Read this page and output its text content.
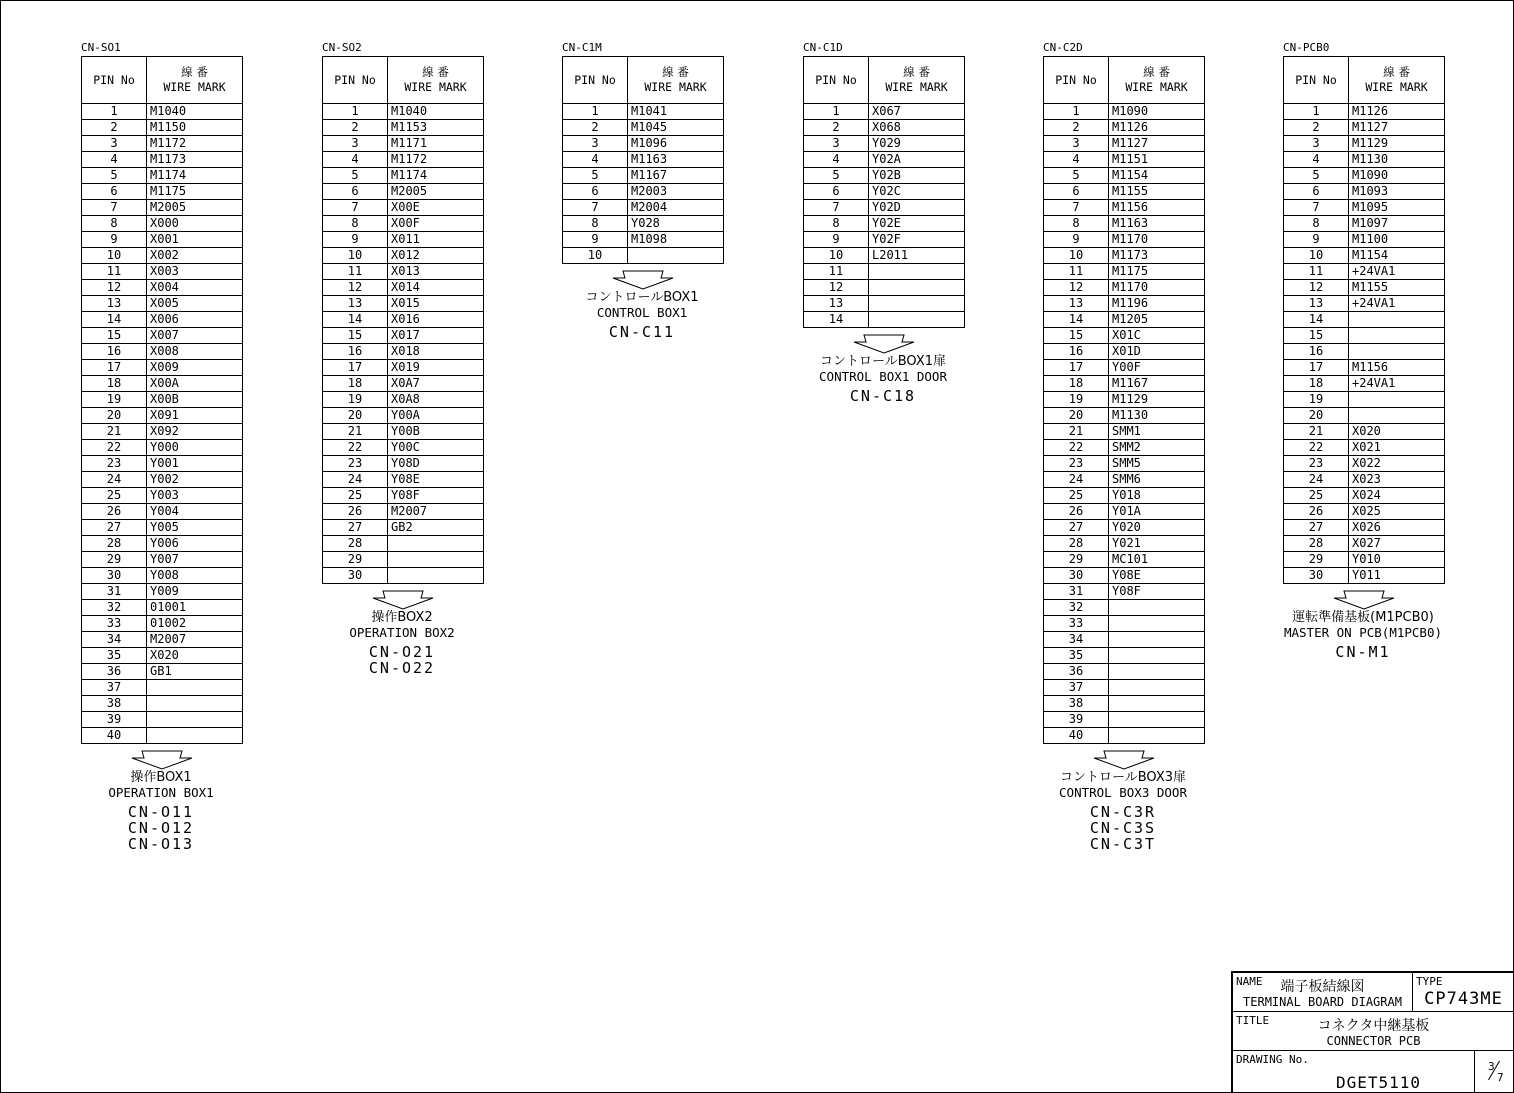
CN-SO1
PIN No	線 番
WIRE MARK

1	M1040
2	M1150
3	M1172
4	M1173
5	M1174
6	M1175
7	M2005
8	X000
9	X001
10	X002
11	X003
12	X004
13	X005
14	X006
15	X007
16	X008
17	X009
18	X00A
19	X00B
20	X091
21	X092
22	Y000
23	Y001
24	Y002
25	Y003
26	Y004
27	Y005
28	Y006
29	Y007
30	Y008
31	Y009
32	01001
33	01002
34	M2007
35	X020
36	GB1
37	
38	
39	
40	
操作BOX1
OPERATION BOX1
CN-O11
CN-O12
CN-O13
CN-SO2
PIN No	線 番
WIRE MARK

1	M1040
2	M1153
3	M1171
4	M1172
5	M1174
6	M2005
7	X00E
8	X00F
9	X011
10	X012
11	X013
12	X014
13	X015
14	X016
15	X017
16	X018
17	X019
18	X0A7
19	X0A8
20	Y00A
21	Y00B
22	Y00C
23	Y08D
24	Y08E
25	Y08F
26	M2007
27	GB2
28	
29	
30	
操作BOX2
OPERATION BOX2
CN-O21
CN-O22
CN-C1M
PIN No	線 番
WIRE MARK

1	M1041
2	M1045
3	M1096
4	M1163
5	M1167
6	M2003
7	M2004
8	Y028
9	M1098
10	
コントロールBOX1
CONTROL BOX1
CN-C11
CN-C1D
PIN No	線 番
WIRE MARK

1	X067
2	X068
3	Y029
4	Y02A
5	Y02B
6	Y02C
7	Y02D
8	Y02E
9	Y02F
10	L2011
11	
12	
13	
14	
コントロールBOX1扉
CONTROL BOX1 DOOR
CN-C18
CN-C2D
PIN No	線 番
WIRE MARK

1	M1090
2	M1126
3	M1127
4	M1151
5	M1154
6	M1155
7	M1156
8	M1163
9	M1170
10	M1173
11	M1175
12	M1170
13	M1196
14	M1205
15	X01C
16	X01D
17	Y00F
18	M1167
19	M1129
20	M1130
21	SMM1
22	SMM2
23	SMM5
24	SMM6
25	Y018
26	Y01A
27	Y020
28	Y021
29	MC101
30	Y08E
31	Y08F
32	
33	
34	
35	
36	
37	
38	
39	
40	
コントロールBOX3扉
CONTROL BOX3 DOOR
CN-C3R
CN-C3S
CN-C3T
CN-PCB0
PIN No	線 番
WIRE MARK

1	M1126
2	M1127
3	M1129
4	M1130
5	M1090
6	M1093
7	M1095
8	M1097
9	M1100
10	M1154
11	+24VA1
12	M1155
13	+24VA1
14	
15	
16	
17	M1156
18	+24VA1
19	
20	
21	X020
22	X021
23	X022
24	X023
25	X024
26	X025
27	X026
28	X027
29	Y010
30	Y011
運転準備基板(M1PCB0)
MASTER ON PCB(M1PCB0)
CN-M1
NAME	端子板結線図
TERMINAL BOARD DIAGRAM
TYPE
CP743ME
TITLE	コネクタ中継基板
CONNECTOR PCB
DRAWING No.
DGET5110
3
7
